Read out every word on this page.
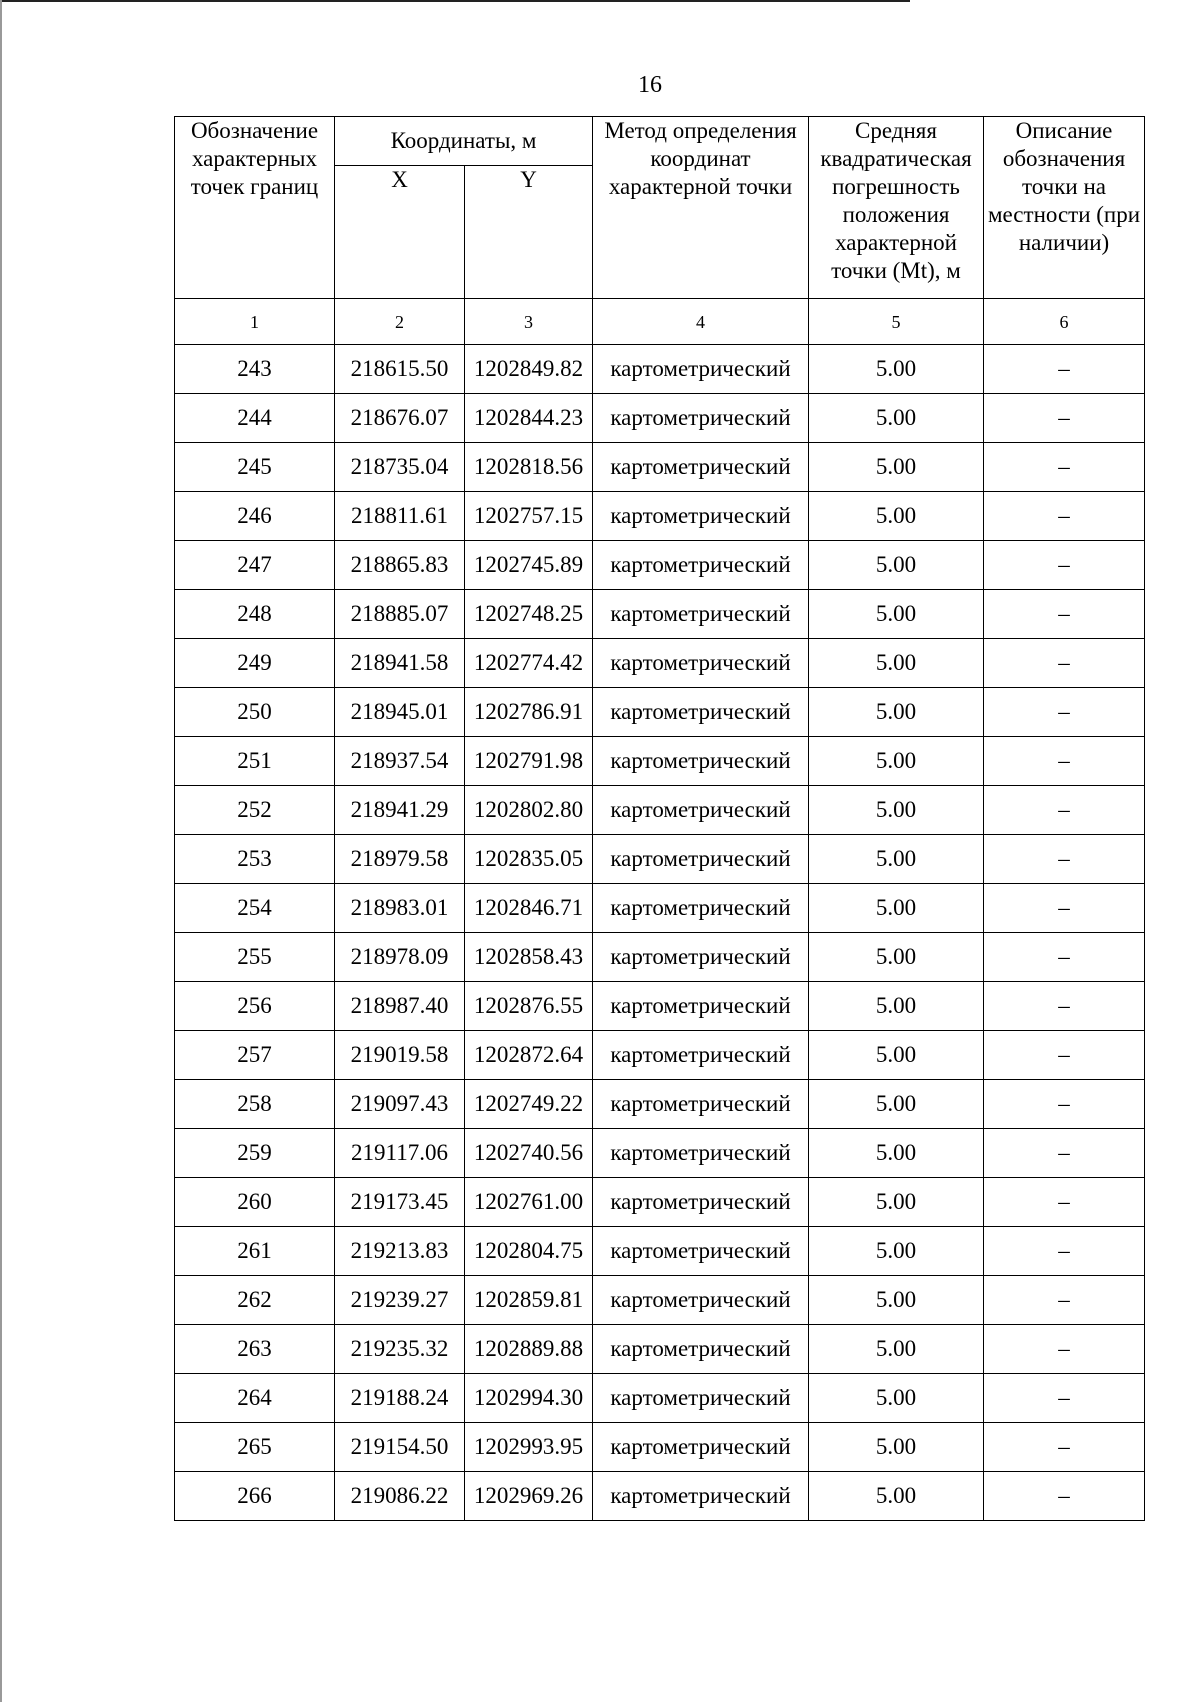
16
Обозначение характерных точек границ	Координаты, м		Метод определения координат характерной точки	Средняя квадратическая погрешность положения характерной точки (Mt), м	Описание обозначения точки на местности (при наличии)
	X	Y			
1	2	3	4	5	6
243	218615.50	1202849.82	картометрический	5.00	–
244	218676.07	1202844.23	картометрический	5.00	–
245	218735.04	1202818.56	картометрический	5.00	–
246	218811.61	1202757.15	картометрический	5.00	–
247	218865.83	1202745.89	картометрический	5.00	–
248	218885.07	1202748.25	картометрический	5.00	–
249	218941.58	1202774.42	картометрический	5.00	–
250	218945.01	1202786.91	картометрический	5.00	–
251	218937.54	1202791.98	картометрический	5.00	–
252	218941.29	1202802.80	картометрический	5.00	–
253	218979.58	1202835.05	картометрический	5.00	–
254	218983.01	1202846.71	картометрический	5.00	–
255	218978.09	1202858.43	картометрический	5.00	–
256	218987.40	1202876.55	картометрический	5.00	–
257	219019.58	1202872.64	картометрический	5.00	–
258	219097.43	1202749.22	картометрический	5.00	–
259	219117.06	1202740.56	картометрический	5.00	–
260	219173.45	1202761.00	картометрический	5.00	–
261	219213.83	1202804.75	картометрический	5.00	–
262	219239.27	1202859.81	картометрический	5.00	–
263	219235.32	1202889.88	картометрический	5.00	–
264	219188.24	1202994.30	картометрический	5.00	–
265	219154.50	1202993.95	картометрический	5.00	–
266	219086.22	1202969.26	картометрический	5.00	–
